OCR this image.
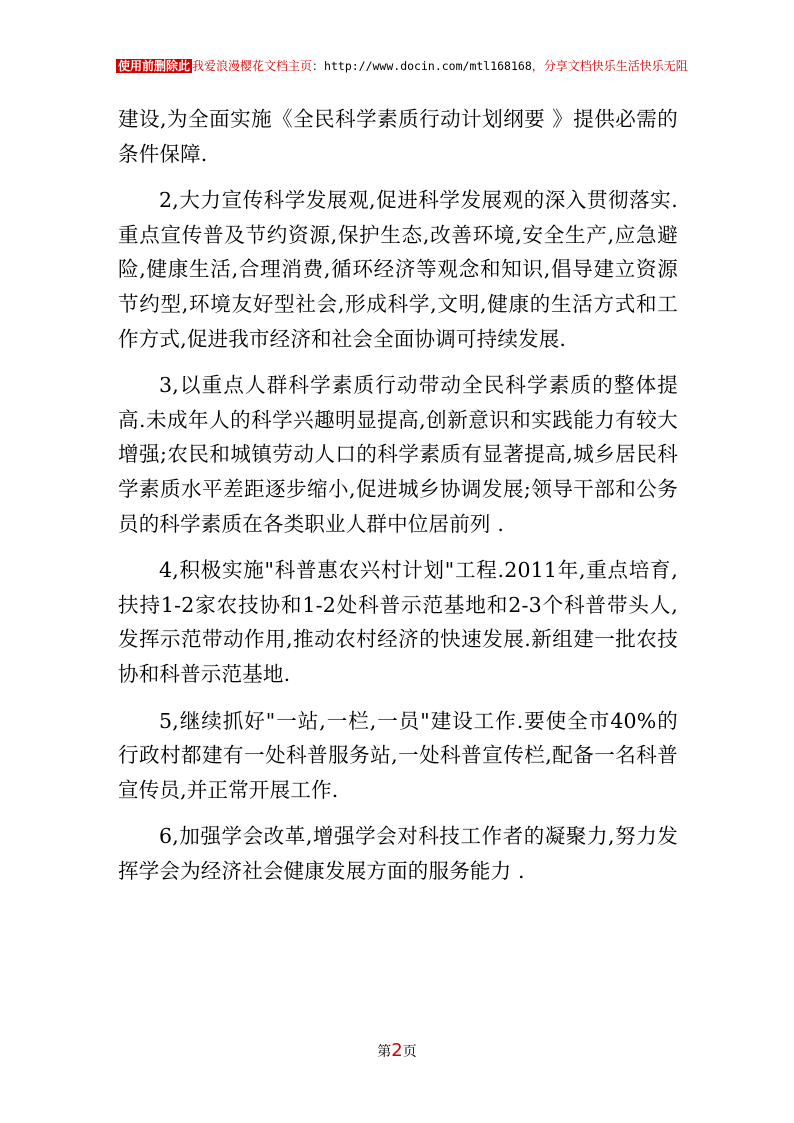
使用前删除此 我爱浪漫樱花文档主页：http://www.docin.com/mtl168168，分享文档快乐生活快乐无阻

建设,为全面实施《全民科学素质行动计划纲要 》提供必需的条件保障.

2,大力宣传科学发展观,促进科学发展观的深入贯彻落实.重点宣传普及节约资源,保护生态,改善环境,安全生产,应急避险,健康生活,合理消费,循环经济等观念和知识,倡导建立资源节约型,环境友好型社会,形成科学,文明,健康的生活方式和工作方式,促进我市经济和社会全面协调可持续发展.

3,以重点人群科学素质行动带动全民科学素质的整体提高.未成年人的科学兴趣明显提高,创新意识和实践能力有较大增强;农民和城镇劳动人口的科学素质有显著提高,城乡居民科学素质水平差距逐步缩小,促进城乡协调发展;领导干部和公务员的科学素质在各类职业人群中位居前列 .

4,积极实施"科普惠农兴村计划"工程.2011年,重点培育,扶持1-2家农技协和1-2处科普示范基地和2-3个科普带头人,发挥示范带动作用,推动农村经济的快速发展.新组建一批农技协和科普示范基地.

5,继续抓好"一站,一栏,一员"建设工作.要使全市40%的行政村都建有一处科普服务站,一处科普宣传栏,配备一名科普宣传员,并正常开展工作.

6,加强学会改革,增强学会对科技工作者的凝聚力,努力发挥学会为经济社会健康发展方面的服务能力 .

第2页
